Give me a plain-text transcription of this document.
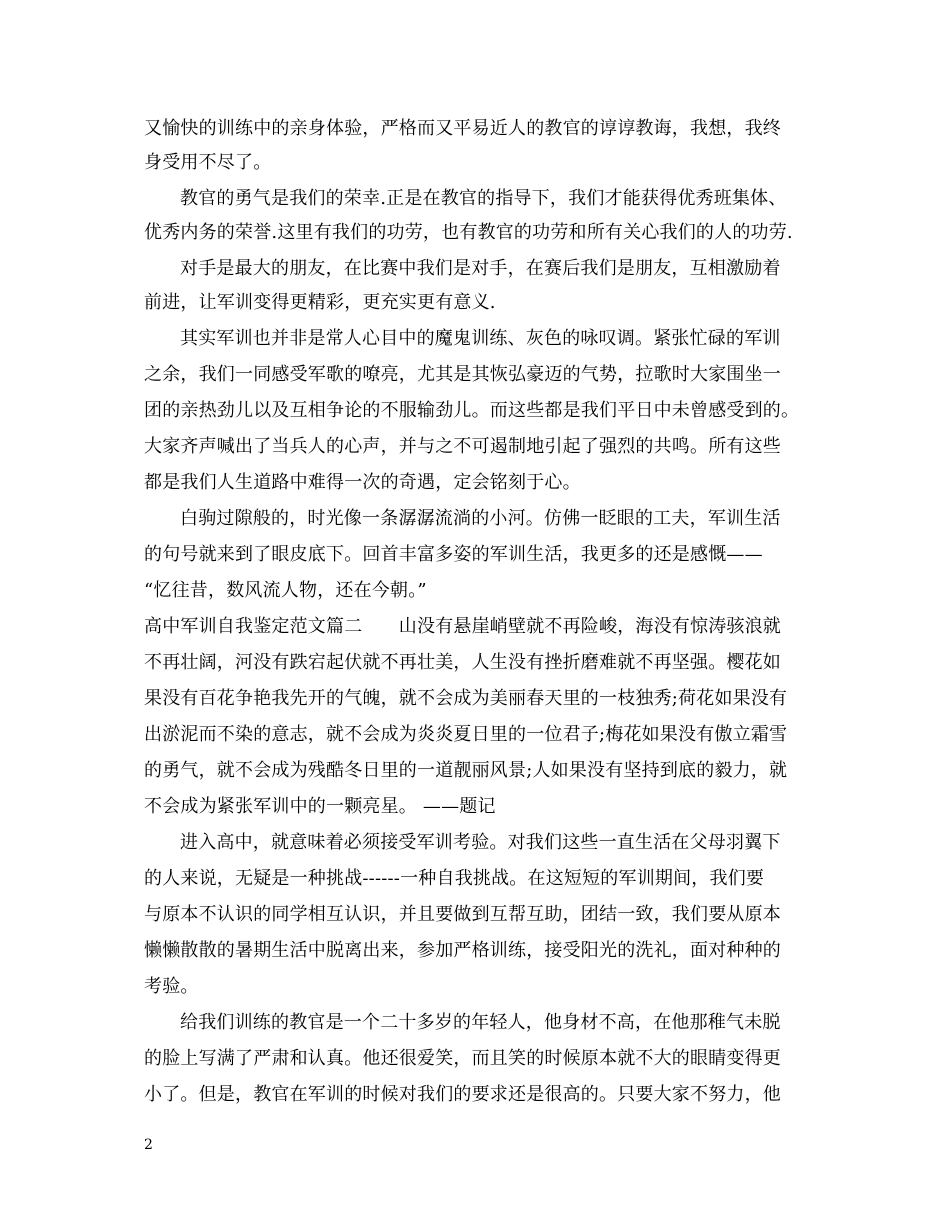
又愉快的训练中的亲身体验，严格而又平易近人的教官的谆谆教诲，我想，我终
身受用不尽了。
教官的勇气是我们的荣幸.正是在教官的指导下，我们才能获得优秀班集体、
优秀内务的荣誉.这里有我们的功劳，也有教官的功劳和所有关心我们的人的功劳.
对手是最大的朋友，在比赛中我们是对手，在赛后我们是朋友，互相激励着
前进，让军训变得更精彩，更充实更有意义.
其实军训也并非是常人心目中的魔鬼训练、灰色的咏叹调。紧张忙碌的军训
之余，我们一同感受军歌的嘹亮，尤其是其恢弘豪迈的气势，拉歌时大家围坐一
团的亲热劲儿以及互相争论的不服输劲儿。而这些都是我们平日中未曾感受到的。
大家齐声喊出了当兵人的心声，并与之不可遏制地引起了强烈的共鸣。所有这些
都是我们人生道路中难得一次的奇遇，定会铭刻于心。
白驹过隙般的，时光像一条潺潺流淌的小河。仿佛一眨眼的工夫，军训生活
的句号就来到了眼皮底下。回首丰富多姿的军训生活，我更多的还是感慨——
“忆往昔，数风流人物，还在今朝。”
高中军训自我鉴定范文篇二　　山没有悬崖峭壁就不再险峻，海没有惊涛骇浪就
不再壮阔，河没有跌宕起伏就不再壮美，人生没有挫折磨难就不再坚强。樱花如
果没有百花争艳我先开的气魄，就不会成为美丽春天里的一枝独秀;荷花如果没有
出淤泥而不染的意志，就不会成为炎炎夏日里的一位君子;梅花如果没有傲立霜雪
的勇气，就不会成为残酷冬日里的一道靓丽风景;人如果没有坚持到底的毅力，就
不会成为紧张军训中的一颗亮星。 ——题记
进入高中，就意味着必须接受军训考验。对我们这些一直生活在父母羽翼下
的人来说，无疑是一种挑战------一种自我挑战。在这短短的军训期间，我们要
与原本不认识的同学相互认识，并且要做到互帮互助，团结一致，我们要从原本
懒懒散散的暑期生活中脱离出来，参加严格训练，接受阳光的洗礼，面对种种的
考验。
给我们训练的教官是一个二十多岁的年轻人，他身材不高，在他那稚气未脱
的脸上写满了严肃和认真。他还很爱笑，而且笑的时候原本就不大的眼睛变得更
小了。但是，教官在军训的时候对我们的要求还是很高的。只要大家不努力，他
2
